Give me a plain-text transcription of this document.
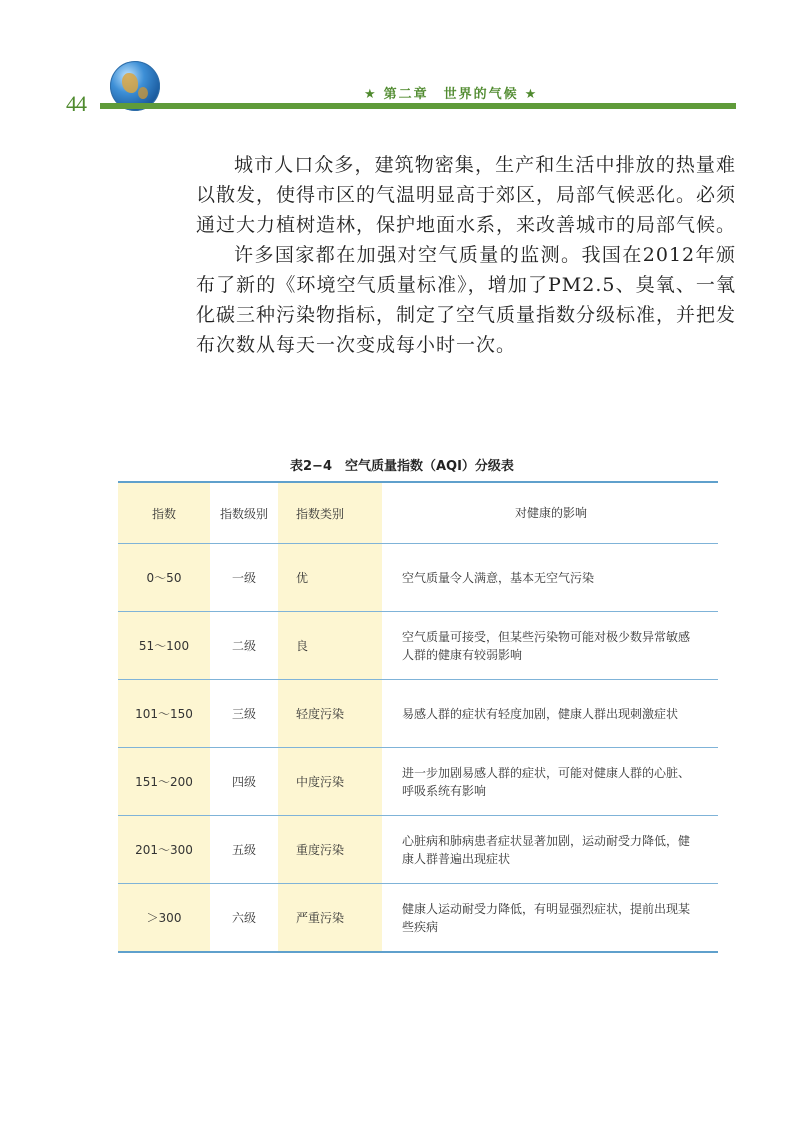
44	★ 第二章　世界的气候 ★

城市人口众多，建筑物密集，生产和生活中排放的热量难以散发，使得市区的气温明显高于郊区，局部气候恶化。必须通过大力植树造林，保护地面水系，来改善城市的局部气候。

许多国家都在加强对空气质量的监测。我国在2012年颁布了新的《环境空气质量标准》，增加了PM2.5、臭氧、一氧化碳三种污染物指标，制定了空气质量指数分级标准，并把发布次数从每天一次变成每小时一次。

表2−4　空气质量指数（AQI）分级表
指数	指数级别	指数类别	对健康的影响
0～50	一级	优	空气质量令人满意，基本无空气污染
51～100	二级	良	空气质量可接受，但某些污染物可能对极少数异常敏感人群的健康有较弱影响
101～150	三级	轻度污染	易感人群的症状有轻度加剧，健康人群出现刺激症状
151～200	四级	中度污染	进一步加剧易感人群的症状，可能对健康人群的心脏、呼吸系统有影响
201～300	五级	重度污染	心脏病和肺病患者症状显著加剧，运动耐受力降低，健康人群普遍出现症状
＞300	六级	严重污染	健康人运动耐受力降低，有明显强烈症状，提前出现某些疾病
